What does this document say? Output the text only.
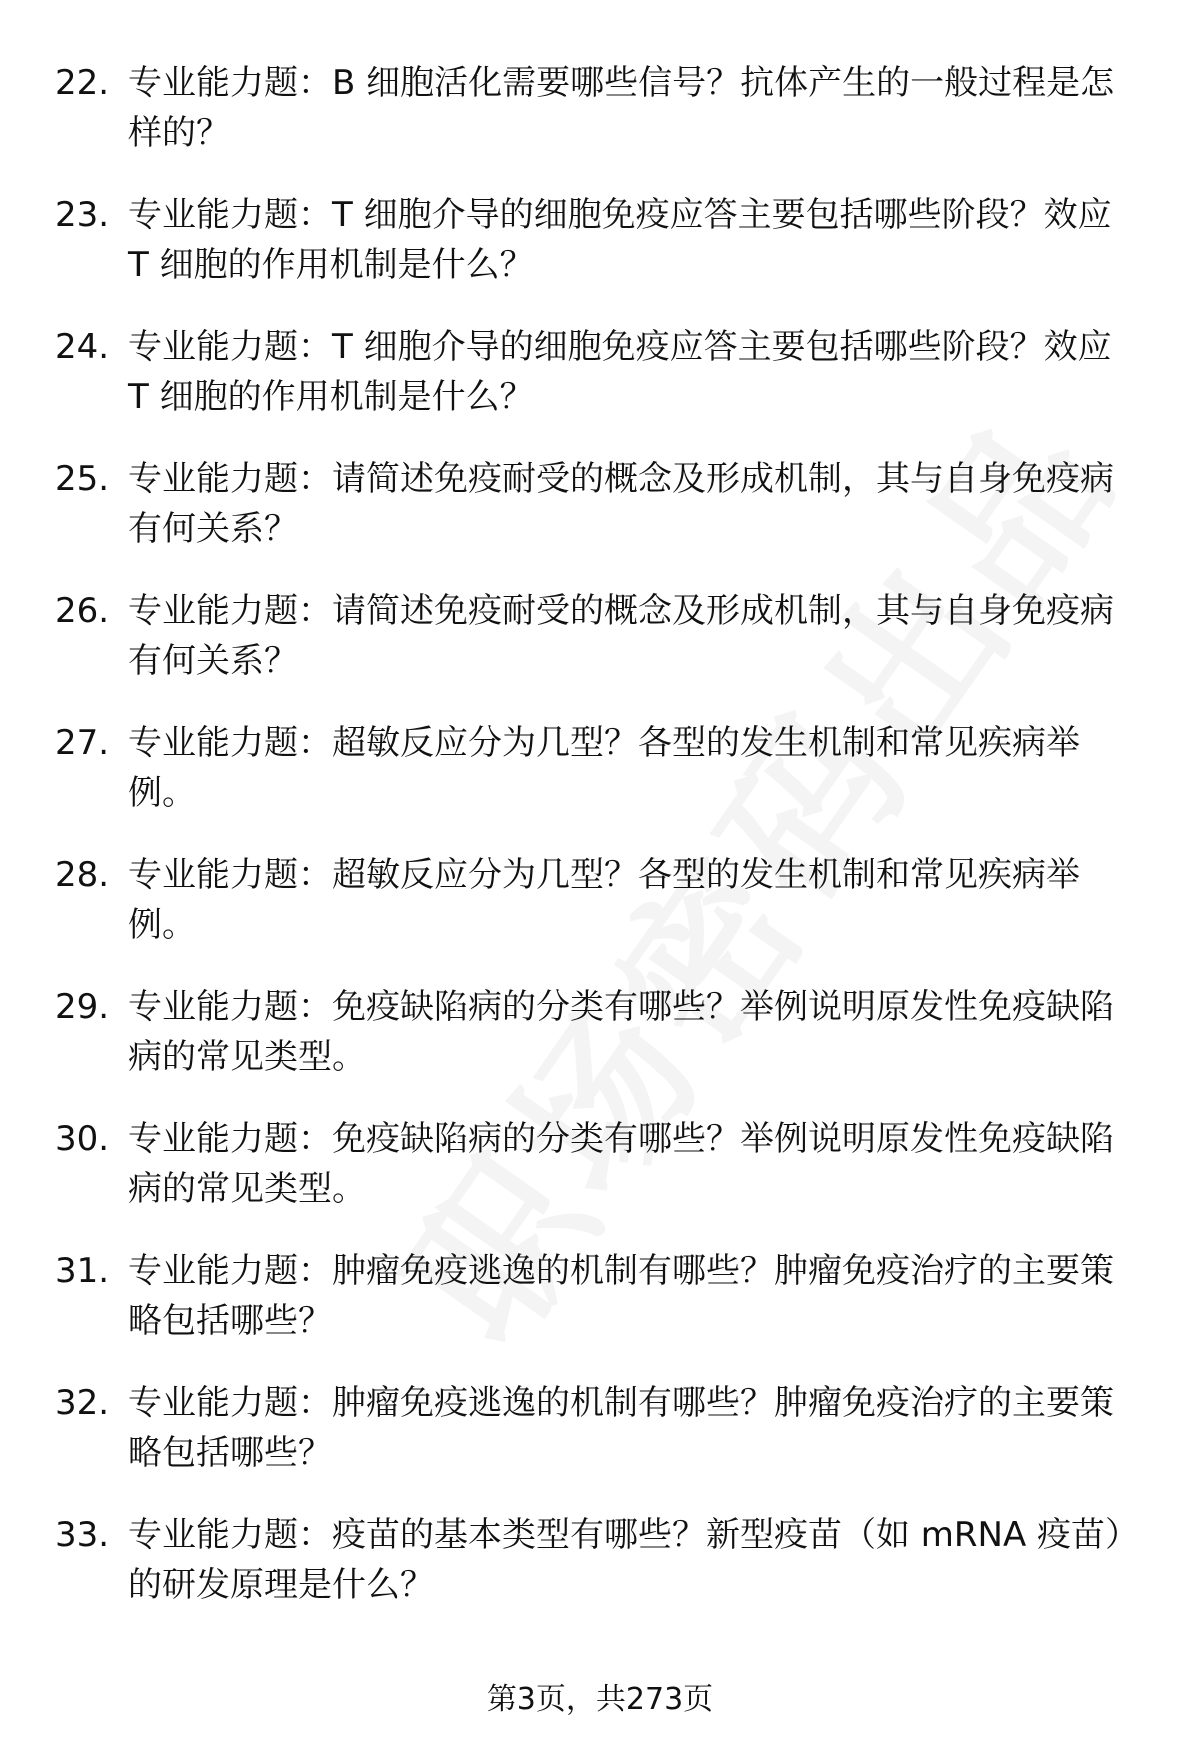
22. 专业能力题：B 细胞活化需要哪些信号？抗体产生的一般过程是怎样的？
23. 专业能力题：T 细胞介导的细胞免疫应答主要包括哪些阶段？效应 T 细胞的作用机制是什么？
24. 专业能力题：T 细胞介导的细胞免疫应答主要包括哪些阶段？效应 T 细胞的作用机制是什么？
25. 专业能力题：请简述免疫耐受的概念及形成机制，其与自身免疫病有何关系？
26. 专业能力题：请简述免疫耐受的概念及形成机制，其与自身免疫病有何关系？
27. 专业能力题：超敏反应分为几型？各型的发生机制和常见疾病举例。
28. 专业能力题：超敏反应分为几型？各型的发生机制和常见疾病举例。
29. 专业能力题：免疫缺陷病的分类有哪些？举例说明原发性免疫缺陷病的常见类型。
30. 专业能力题：免疫缺陷病的分类有哪些？举例说明原发性免疫缺陷病的常见类型。
31. 专业能力题：肿瘤免疫逃逸的机制有哪些？肿瘤免疫治疗的主要策略包括哪些？
32. 专业能力题：肿瘤免疫逃逸的机制有哪些？肿瘤免疫治疗的主要策略包括哪些？
33. 专业能力题：疫苗的基本类型有哪些？新型疫苗（如 mRNA 疫苗）的研发原理是什么？
第3页，共273页
